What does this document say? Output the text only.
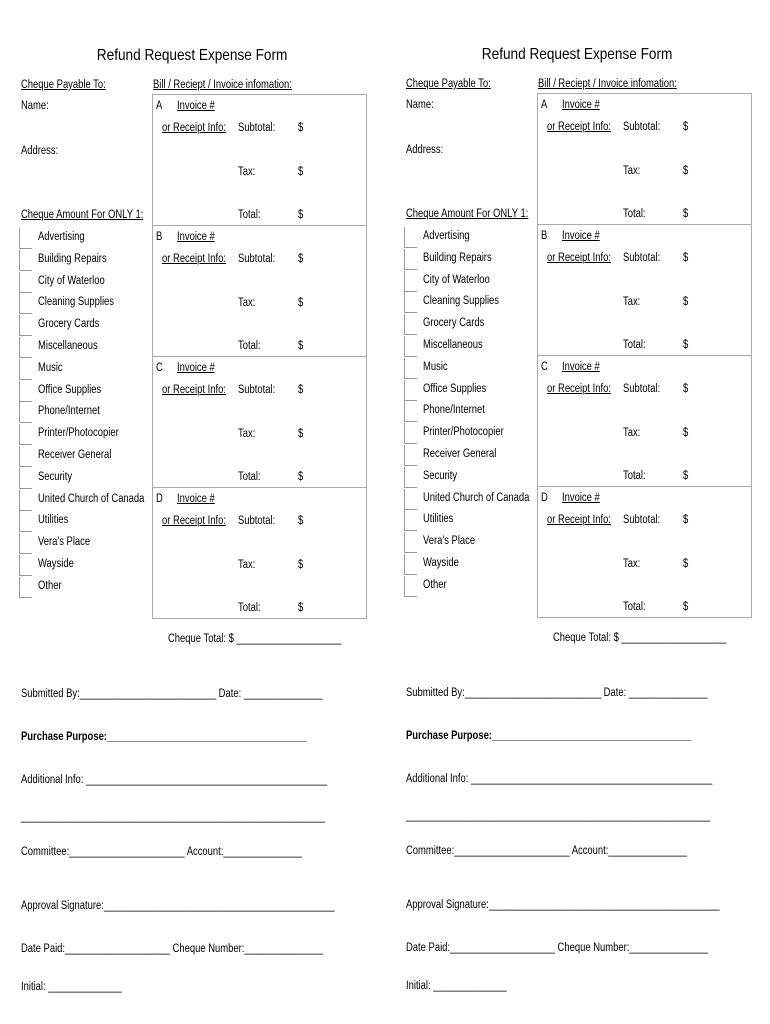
Refund Request Expense Form
Cheque Payable To:	Bill / Reciept / Invoice infomation:
Name:
Address:
Cheque Amount For ONLY 1:
Advertising
Building Repairs
City of Waterloo
Cleaning Supplies
Grocery Cards
Miscellaneous
Music
Office Supplies
Phone/Internet
Printer/Photocopier
Receiver General
Security
United Church of Canada
Utilities
Vera's Place
Wayside
Other
A Invoice #
or Receipt Info: Subtotal: $
Tax:	$
Total:	$
B Invoice #
or Receipt Info: Subtotal: $
Tax:	$
Total:	$
C Invoice #
or Receipt Info: Subtotal: $
Tax:	$
Total:	$
D Invoice #
or Receipt Info: Subtotal: $
Tax:	$
Total:	$
Cheque Total: $ ____________________
Submitted By:__________________________ Date: _______________
Purchase Purpose:______________________________________
Additional Info: ______________________________________________
__________________________________________________________
Committee:______________________ Account:_______________
Approval Signature:____________________________________________
Date Paid:____________________ Cheque Number:_______________
Initial: ______________
Refund Request Expense Form
Cheque Payable To:	Bill / Reciept / Invoice infomation:
Name:
Address:
Cheque Amount For ONLY 1:
Advertising
Building Repairs
City of Waterloo
Cleaning Supplies
Grocery Cards
Miscellaneous
Music
Office Supplies
Phone/Internet
Printer/Photocopier
Receiver General
Security
United Church of Canada
Utilities
Vera's Place
Wayside
Other
A Invoice #
or Receipt Info: Subtotal: $
Tax:	$
Total:	$
B Invoice #
or Receipt Info: Subtotal: $
Tax:	$
Total:	$
C Invoice #
or Receipt Info: Subtotal: $
Tax:	$
Total:	$
D Invoice #
or Receipt Info: Subtotal: $
Tax:	$
Total:	$
Cheque Total: $ ____________________
Submitted By:__________________________ Date: _______________
Purchase Purpose:______________________________________
Additional Info: ______________________________________________
__________________________________________________________
Committee:______________________ Account:_______________
Approval Signature:____________________________________________
Date Paid:____________________ Cheque Number:_______________
Initial: ______________
